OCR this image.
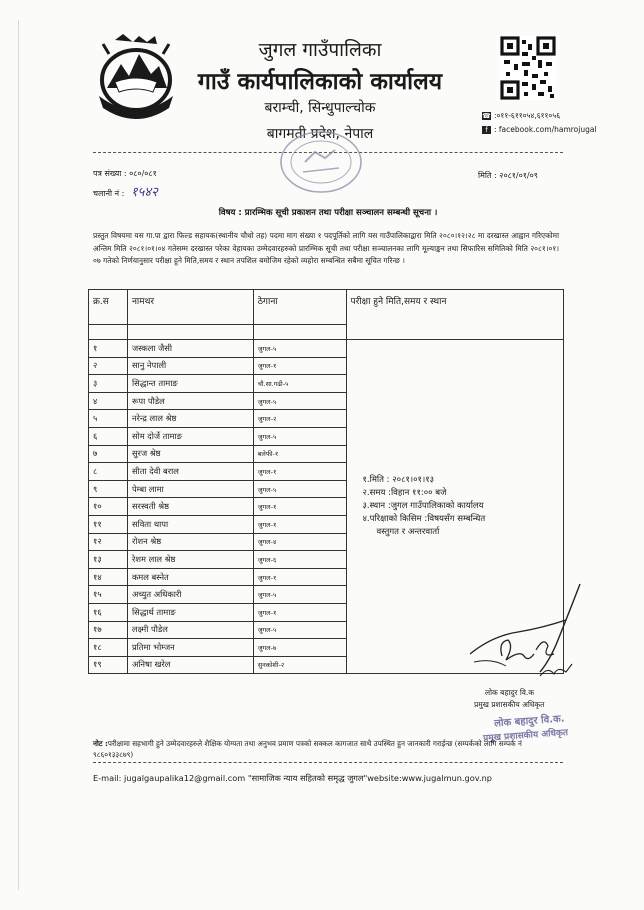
जुगल गाउँपालिका
गाउँ कार्यपालिकाको कार्यालय
बराम्ची, सिन्धुपाल्चोक
बागमती प्रदेश, नेपाल
☎ :०११-६११०५४,६११०५६
f : facebook.com/hamrojugal
पत्र संख्या : ०८०/०८१
चलानी नं : १५४२
मिति : २०८१/०१/०९
विषय : प्रारम्भिक सूची प्रकाशन तथा परीक्षा सञ्चालन सम्बन्धी सूचना ।
प्रस्तुत विषयमा यस गा.पा द्वारा फिल्ड सहायक(स्थानीय चौथो तह) पदमा माग संख्या १ पदपूर्तिको लागि यस गाउँपालिकाद्वारा मिति २०८०।१२।२८ मा दरखास्त आह्वान गरिएकोमा अन्तिम मिति २०८१।०१।०४ गतेसम्म दरखास्त परेका वेहायका उम्मेदवारहरुको प्रारम्भिक सूची तथा परीक्षा सञ्चालनका लागि मूल्याङ्कन तथा सिफारिस समितिको मिति २०८१।०१।०७ गतेको निर्णयानुसार परीक्षा हुने मिति,समय र स्थान तपशिल बमोजिम रहेको व्यहोरा सम्बन्धित सबैमा सूचित गरिन्छ ।
क्र.स	नामथर	ठेगाना	परीक्षा हुने मिति,समय र स्थान

१	जस्कला जैसी	जुगल-५	१.मिति : २०८१।०१।१३
२.समय :विहान ११:०० बजे
३.स्थान :जुगल गाउँपालिकाको कार्यालय
४.परिक्षाको किसिम :विषयसँग सम्बन्धित
वस्तुगत र अन्तरवार्ता

२	सानु नेपाली	जुगल-१	
३	सिद्धान्त तामाङ	चौ.सा.गढी-५	
४	रूपा पौडेल	जुगल-५	
५	नरेन्द्र लाल श्रेष्ठ	जुगल-२	
६	सोम दोर्जे तामाङ	जुगल-५	
७	सुरज श्रेष्ठ	बलेफी-१	
८	सीता देवी बराल	जुगल-१	
९	पेम्बा लामा	जुगल-५	
१०	सरस्वती श्रेष्ठ	जुगल-१	
११	सविता थापा	जुगल-१	
१२	रोशन श्रेष्ठ	जुगल-४	
१३	रेशम लाल श्रेष्ठ	जुगल-६	
१४	कमल बस्नेत	जुगल-१	
१५	अच्युत अधिकारी	जुगल-५	
१६	सिद्धार्थ तामाङ	जुगल-१	
१७	लक्ष्मी पौडेल	जुगल-५	
१८	प्रतिमा भोम्जन	जुगल-७	
१९	अनिषा खरेल	सुनकोशी-२	
लोक बहादुर वि.क
प्रमुख प्रशासकीय अधिकृत
लोक बहादुर वि.क.
प्रमुख प्रशासकीय अधिकृत
नोट :परीक्षामा सहभागी हुने उम्मेदवारहरुले शैक्षिक योग्यता तथा अनुभव प्रमाण पत्रको सक्कल कागजात साथै उपस्थित हुन जानकारी गराईन्छ (सम्पर्कको लागि सम्पर्क नं ९८६०१३३८७९)
E-mail: jugalgaupalika12@gmail.com "सामाजिक न्याय सहितको समृद्ध जुगल"website:www.jugalmun.gov.np
